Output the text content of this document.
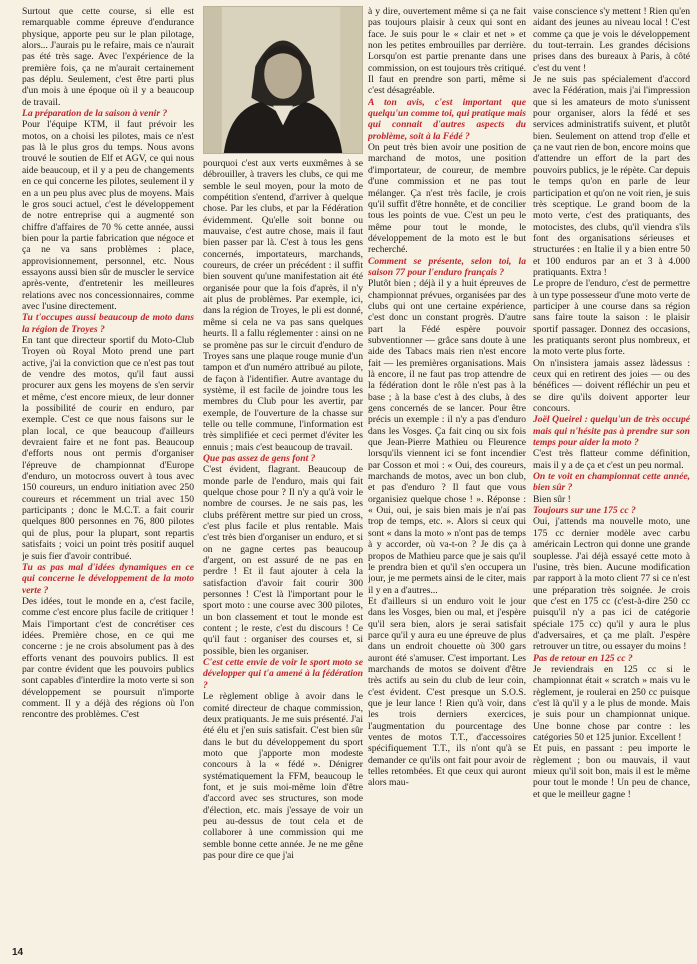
Surtout que cette course, si elle est remarquable comme épreuve d'endurance physique, apporte peu sur le plan pilotage, alors... J'aurais pu le refaire, mais ce n'aurait pas été très sage. Avec l'expérience de la première fois, ça ne m'aurait certainement pas déplu. Seulement, c'est être parti plus d'un mois à une époque où il y a beaucoup de travail.

La préparation de la saison à venir ?

Pour l'équipe KTM, il faut prévoir les motos, on a choisi les pilotes, mais ce n'est pas là le plus gros du temps. Nous avons trouvé le soutien de Elf et AGV, ce qui nous aide beaucoup, et il y a peu de changements en ce qui concerne les pilotes, seulement il y en a un peu plus avec plus de moyens. Mais le gros souci actuel, c'est le développement de notre entreprise qui a augmenté son chiffre d'affaires de 70 % cette année, aussi bien pour la partie fabrication que négoce et ça ne va sans problèmes : place, approvisionnement, personnel, etc. Nous essayons aussi bien sûr de muscler le service après-vente, d'entretenir les meilleures relations avec nos concessionnaires, comme avec l'usine directement.

Tu t'occupes aussi beaucoup de moto dans la région de Troyes ?

En tant que directeur sportif du Moto-Club Troyen où Royal Moto prend une part active, j'ai la conviction que ce n'est pas tout de vendre des motos, qu'il faut aussi procurer aux gens les moyens de s'en servir et même, c'est encore mieux, de leur donner la possibilité de courir en enduro, par exemple. C'est ce que nous faisons sur le plan local, ce que beaucoup d'ailleurs devraient faire et ne font pas. Beaucoup d'efforts nous ont permis d'organiser l'épreuve de championnat d'Europe d'enduro, un motocross ouvert à tous avec 150 coureurs, un enduro initiation avec 250 coureurs et récemment un trial avec 150 participants ; donc le M.C.T. a fait courir quelques 800 personnes en 76, 800 pilotes qui de plus, pour la plupart, sont repartis satisfaits ; voici un point très positif auquel je suis fier d'avoir contribué.

Tu as pas mal d'idées dynamiques en ce qui concerne le développement de la moto verte ?

Des idées, tout le monde en a, c'est facile, comme c'est encore plus facile de critiquer ! Mais l'important c'est de concrétiser ces idées. Première chose, en ce qui me concerne : je ne crois absolument pas à des efforts venant des pouvoirs publics. Il est par contre évident que les pouvoirs publics sont capables d'interdire la moto verte si son développement se poursuit n'importe comment. Il y a déjà des régions où l'on rencontre des problèmes. C'est

pourquoi c'est aux verts euxmêmes à se débrouiller, à travers les clubs, ce qui me semble le seul moyen, pour la moto de compétition s'entend, d'arriver à quelque chose. Par les clubs, et par la Fédération évidemment. Qu'elle soit bonne ou mauvaise, c'est autre chose, mais il faut bien passer par là. C'est à tous les gens concernés, importateurs, marchands, coureurs, de créer un précédent : il suffit bien souvent qu'une manifestation ait été organisée pour que la fois d'après, il n'y ait plus de problèmes. Par exemple, ici, dans la région de Troyes, le pli est donné, même si cela ne va pas sans quelques heurts. Il a fallu réglementer : ainsi on ne se promène pas sur le circuit d'enduro de Troyes sans une plaque rouge munie d'un tampon et d'un numéro attribué au pilote, de façon à l'identifier. Autre avantage du système, il est facile de joindre tous les membres du Club pour les avertir, par exemple, de l'ouverture de la chasse sur telle ou telle commune, l'information est très simplifiée et ceci permet d'éviter les ennuis ; mais c'est beaucoup de travail.

Que pas assez de gens font ?

C'est évident, flagrant. Beaucoup de monde parle de l'enduro, mais qui fait quelque chose pour ? Il n'y a qu'à voir le nombre de courses. Je ne sais pas, les clubs préfèrent mettre sur pied un cross, c'est plus facile et plus rentable. Mais c'est très bien d'organiser un enduro, et si on ne gagne certes pas beaucoup d'argent, on est assuré de ne pas en perdre ! Et il faut ajouter à cela la satisfaction d'avoir fait courir 300 personnes ! C'est là l'important pour le sport moto : une course avec 300 pilotes, un bon classement et tout le monde est content ; le reste, c'est du discours ! Ce qu'il faut : organiser des courses et, si possible, bien les organiser.

C'est cette envie de voir le sport moto se développer qui t'a amené à la fédération ?

Le règlement oblige à avoir dans le comité directeur de chaque commission, deux pratiquants. Je me suis présenté. J'ai été élu et j'en suis satisfait. C'est bien sûr dans le but du développement du sport moto que j'apporte mon modeste concours à la « fédé ». Dénigrer systématiquement la FFM, beaucoup le font, et je suis moi-même loin d'être d'accord avec ses structures, son mode d'élection, etc. mais j'essaye de voir un peu au-dessus de tout cela et de collaborer à une commission qui me semble bonne cette année. Je ne me gêne pas pour dire ce que j'ai

à y dire, ouvertement même si ça ne fait pas toujours plaisir à ceux qui sont en face. Je suis pour le « clair et net » et non les petites embrouilles par derrière. Lorsqu'on est partie prenante dans une commission, on est toujours très critiqué. Il faut en prendre son parti, même si c'est désagréable.

A ton avis, c'est important que quelqu'un comme toi, qui pratique mais qui connait d'autres aspects du problème, soit à la Fédé ?

On peut très bien avoir une position de marchand de motos, une position d'importateur, de coureur, de membre d'une commission et ne pas tout mélanger. Ça n'est très facile, je crois qu'il suffit d'être honnête, et de concilier tous les points de vue. C'est un peu le même pour tout le monde, le développement de la moto est le but recherché.

Comment se présente, selon toi, la saison 77 pour l'enduro français ?

Plutôt bien ; déjà il y a huit épreuves de championnat prévues, organisées par des clubs qui ont une certaine expérience, c'est donc un constant progrès. D'autre part la Fédé espère pouvoir subventionner — grâce sans doute à une aide des Tabacs mais rien n'est encore fait — les premières organisations. Mais là encore, il ne faut pas trop attendre de la fédération dont le rôle n'est pas à la base ; à la base c'est à des clubs, à des gens concernés de se lancer. Pour être précis un exemple : il n'y a pas d'enduro dans les Vosges. Ça fait cinq ou six fois que Jean-Pierre Mathieu ou Fleurence lorsqu'ils viennent ici se font incendier par Cosson et moi : « Oui, des coureurs, marchands de motos, avec un bon club, et pas d'enduro ? Il faut que vous organisiez quelque chose ! ». Réponse : « Oui, oui, je sais bien mais je n'ai pas trop de temps, etc. ». Alors si ceux qui sont « dans la moto » n'ont pas de temps à y accorder, où va-t-on ? Je dis ça à propos de Mathieu parce que je sais qu'il le prendra bien et qu'il s'en occupera un jour, je me permets ainsi de le citer, mais il y en a d'autres...

Et d'ailleurs si un enduro voit le jour dans les Vosges, bien ou mal, et j'espère qu'il sera bien, alors je serai satisfait parce qu'il y aura eu une épreuve de plus dans un endroit chouette où 300 gars auront été s'amuser. C'est important. Les marchands de motos se doivent d'être très actifs au sein du club de leur coin, c'est évident. C'est presque un S.O.S. que je leur lance ! Rien qu'à voir, dans les trois derniers exercices, l'augmentation du pourcentage des ventes de motos T.T., d'accessoires spécifiquement T.T., ils n'ont qu'à se demander ce qu'ils ont fait pour avoir de telles retombées. Et que ceux qui auront alors mau-

vaise conscience s'y mettent ! Rien qu'en aidant des jeunes au niveau local ! C'est comme ça que je vois le développement du tout-terrain. Les grandes décisions prises dans des bureaux à Paris, à côté c'est du vent !

Je ne suis pas spécialement d'accord avec la Fédération, mais j'ai l'impression que si les amateurs de moto s'unissent pour organiser, alors la fédé et ses services administratifs suivent, et plutôt bien. Seulement on attend trop d'elle et ça ne vaut rien de bon, encore moins que d'attendre un effort de la part des pouvoirs publics, je le répète. Car depuis le temps qu'on en parle de leur participation et qu'on ne voit rien, je suis très sceptique. Le grand boom de la moto verte, c'est des pratiquants, des motocistes, des clubs, qu'il viendra s'ils font des organisations sérieuses et structurées : en Italie il y a bien entre 50 et 100 enduros par an et 3 à 4.000 pratiquants. Extra !

Le propre de l'enduro, c'est de permettre à un type possesseur d'une moto verte de participer à une course dans sa région sans faire toute la saison : le plaisir sportif passager. Donnez des occasions, les pratiquants seront plus nombreux, et la moto verte plus forte.

On n'insistera jamais assez làdessus : ceux qui en retirent des joies — ou des bénéfices — doivent réfléchir un peu et se dire qu'ils doivent apporter leur concours.

Joël Queirel : quelqu'un de très occupé mais qui n'hésite pas à prendre sur son temps pour aider la moto ?

C'est très flatteur comme définition, mais il y a de ça et c'est un peu normal.

On te voit en championnat cette année, bien sûr ?

Bien sûr !

Toujours sur une 175 cc ?

Oui, j'attends ma nouvelle moto, une 175 cc dernier modèle avec carbu américain Lectron qui donne une grande souplesse. J'ai déjà essayé cette moto à l'usine, très bien. Aucune modification par rapport à la moto client 77 si ce n'est une préparation très soignée. Je crois que c'est en 175 cc (c'est-à-dire 250 cc puisqu'il n'y a pas ici de catégorie spéciale 175 cc) qu'il y aura le plus d'adversaires, et ça me plaît. J'espère retrouver un titre, ou essayer du moins !

Pas de retour en 125 cc ?

Je reviendrais en 125 cc si le championnat était « scratch » mais vu le règlement, je roulerai en 250 cc puisque c'est là qu'il y a le plus de monde. Mais je suis pour un championnat unique. Une bonne chose par contre : les catégories 50 et 125 junior. Excellent !

Et puis, en passant : peu importe le règlement ; bon ou mauvais, il vaut mieux qu'il soit bon, mais il est le même pour tout le monde ! Un peu de chance, et que le meilleur gagne !

14
